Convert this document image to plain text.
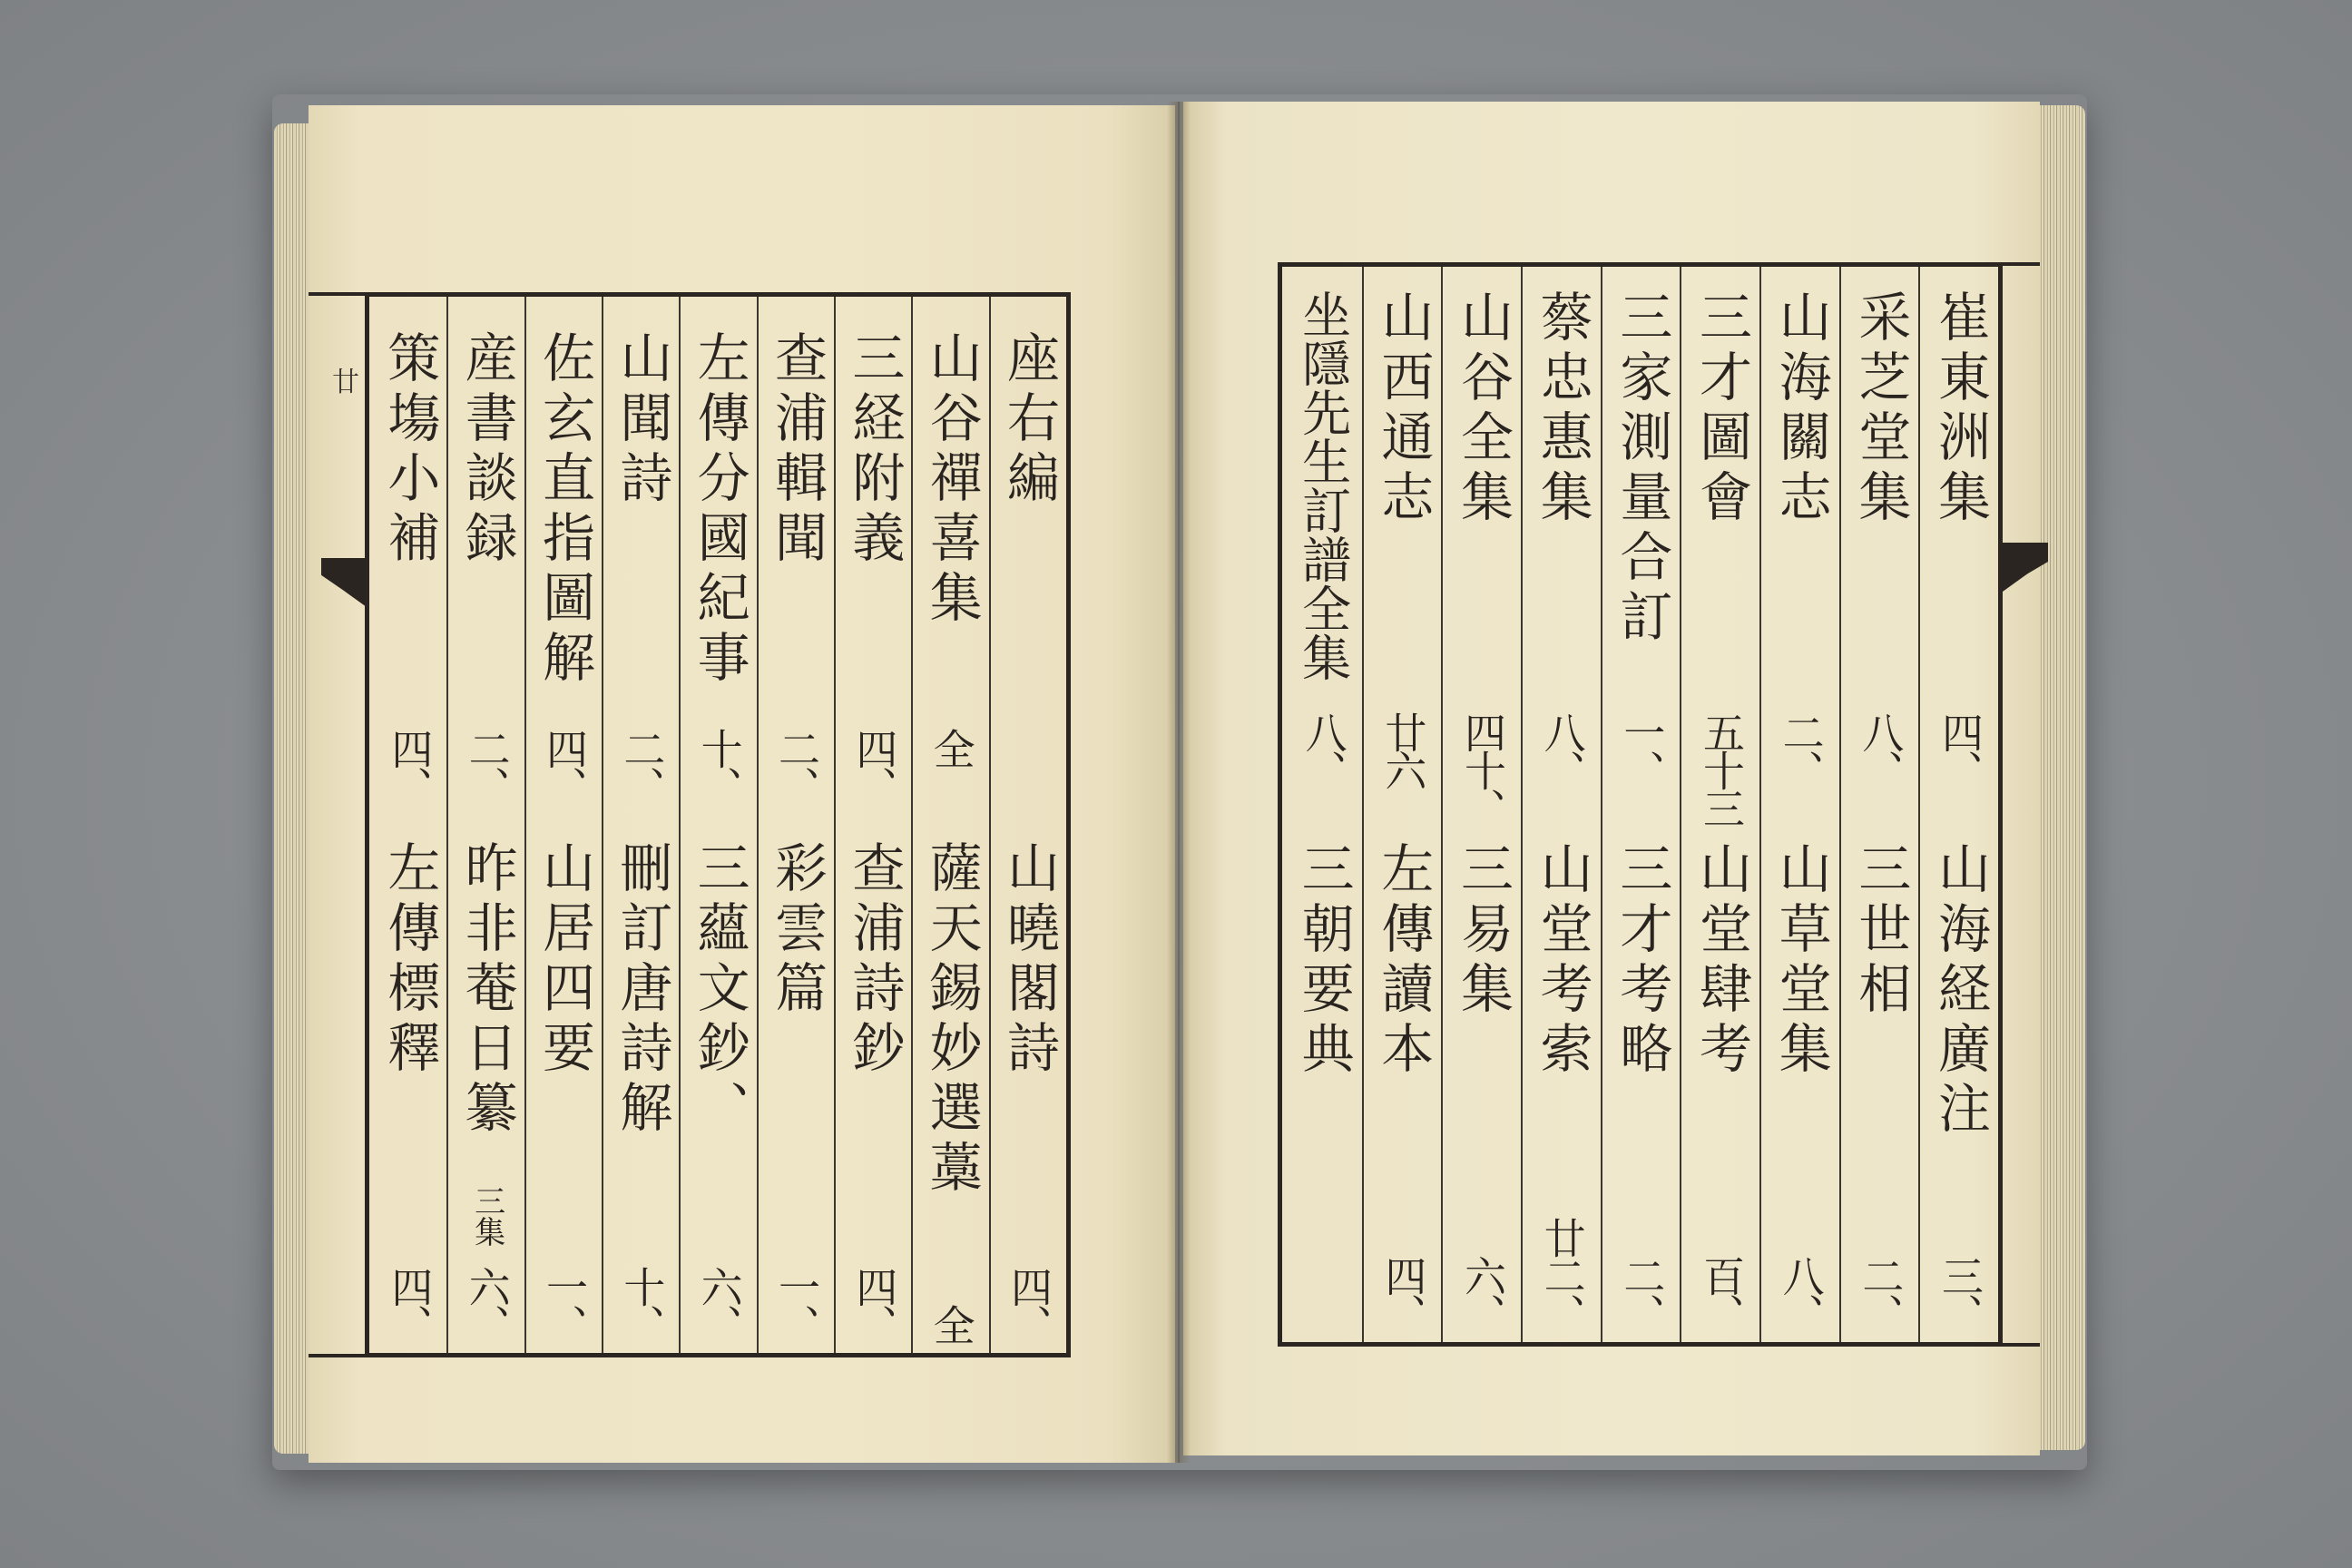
廿	座右編
山曉閣詩
四、
山谷禪喜集
全
薩天錫妙選藁
全
三経附義
四、
查浦詩鈔
四、
查浦輯聞
二、
彩雲篇
一、
左傳分國紀事
十、
三蘊文鈔、
六、
山聞詩
二、
刪訂唐詩解
十、
佐玄直指圖解
四、
山居四要
一、
産書談録
二、
昨非菴日纂
三集
六、
策塲小補
四、
左傳標釋
四、
崔東洲集
四、
山海経廣注
三、
采芝堂集
八、
三世相
二、
山海關志
二、
山草堂集
八、
三才圖會
五十三
山堂肆考
百、
三家測量合訂
一、
三才考略
二、
蔡忠惠集
八、
山堂考索
廿二、
山谷全集
四十、
三易集
六、
山西通志
廿六
左傳讀本
四、
坐隱先生訂譜全集
八、
三朝要典
